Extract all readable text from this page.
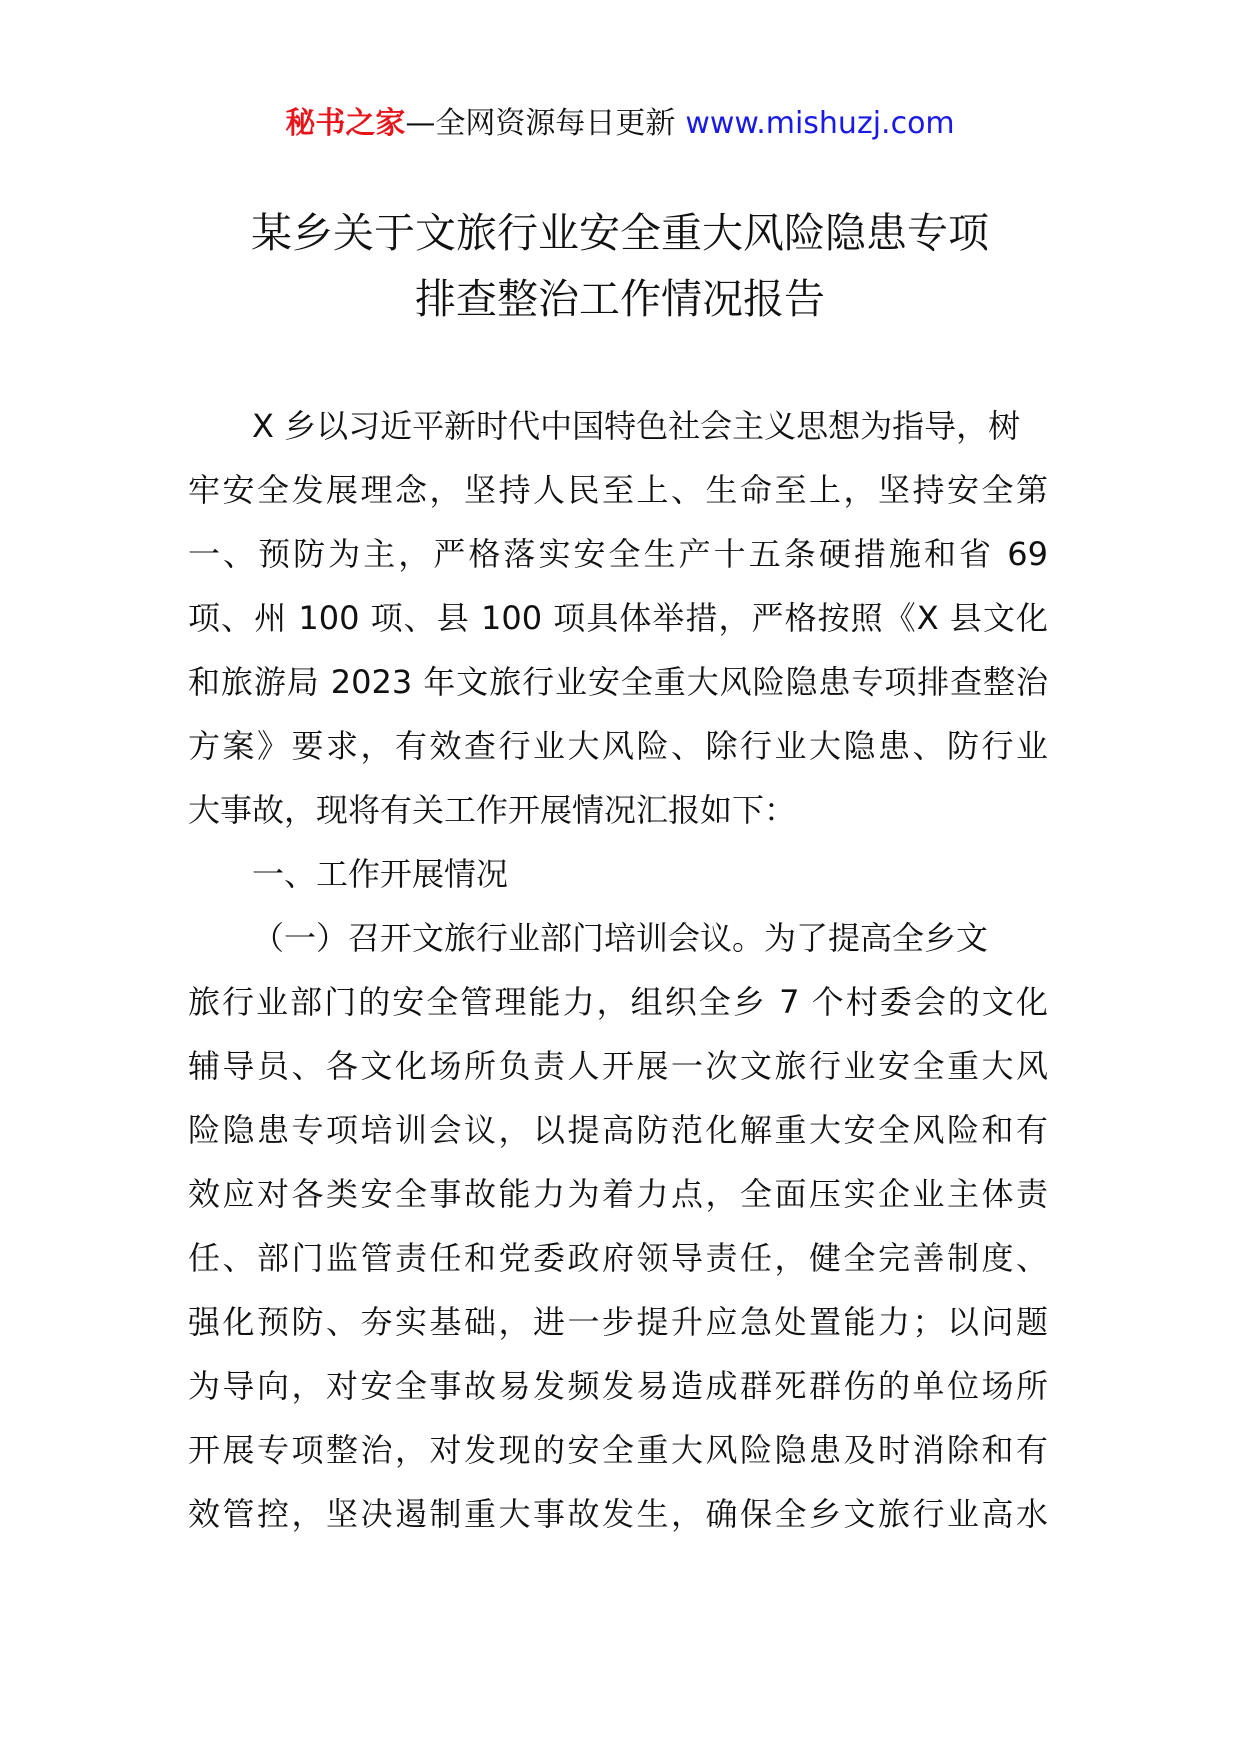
秘书之家—全网资源每日更新 www.mishuzj.com
某乡关于文旅行业安全重大风险隐患专项
排查整治工作情况报告
X 乡以习近平新时代中国特色社会主义思想为指导，树
牢安全发展理念，坚持人民至上、生命至上，坚持安全第
一、预防为主，严格落实安全生产十五条硬措施和省 69
项、州 100 项、县 100 项具体举措，严格按照《X 县文化
和旅游局 2023 年文旅行业安全重大风险隐患专项排查整治
方案》要求，有效查行业大风险、除行业大隐患、防行业
大事故，现将有关工作开展情况汇报如下：
一、工作开展情况
（一）召开文旅行业部门培训会议。为了提高全乡文
旅行业部门的安全管理能力，组织全乡 7 个村委会的文化
辅导员、各文化场所负责人开展一次文旅行业安全重大风
险隐患专项培训会议，以提高防范化解重大安全风险和有
效应对各类安全事故能力为着力点，全面压实企业主体责
任、部门监管责任和党委政府领导责任，健全完善制度、
强化预防、夯实基础，进一步提升应急处置能力；以问题
为导向，对安全事故易发频发易造成群死群伤的单位场所
开展专项整治，对发现的安全重大风险隐患及时消除和有
效管控，坚决遏制重大事故发生，确保全乡文旅行业高水
